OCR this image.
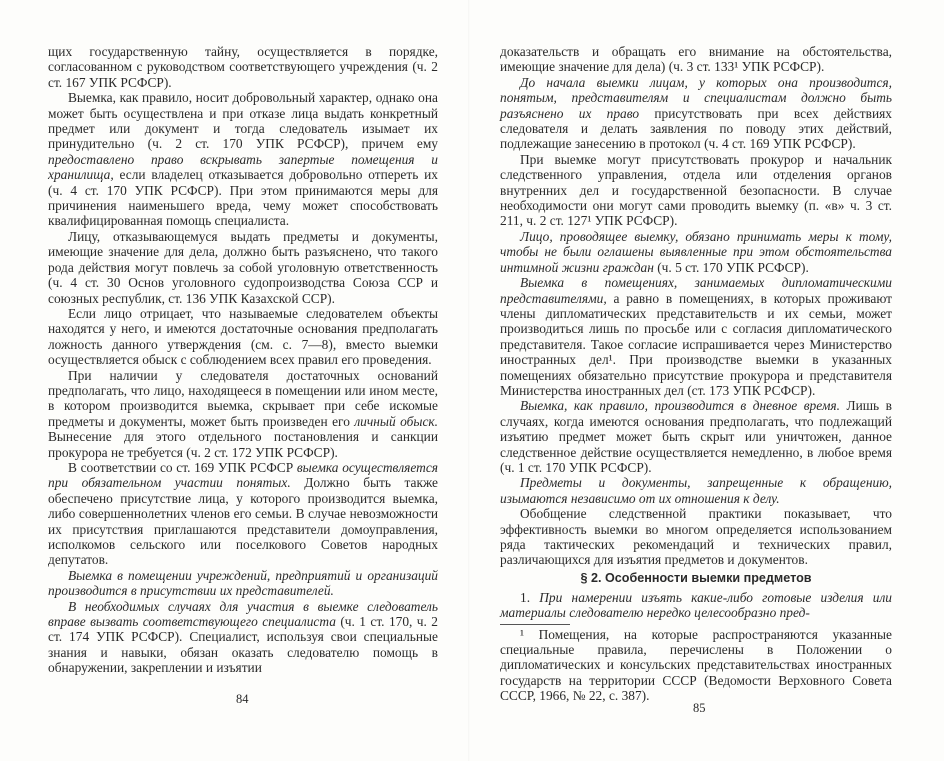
щих государственную тайну, осуществляется в порядке, согласованном с руководством соответствующего учреждения (ч. 2 ст. 167 УПК РСФСР).

Выемка, как правило, носит добровольный характер, однако она может быть осуществлена и при отказе лица выдать конкретный предмет или документ и тогда следователь изымает их принудительно (ч. 2 ст. 170 УПК РСФСР), причем ему предоставлено право вскрывать запертые помещения и хранилища, если владелец отказывается добровольно отпереть их (ч. 4 ст. 170 УПК РСФСР). При этом принимаются меры для причинения наименьшего вреда, чему может способствовать квалифицированная помощь специалиста.

Лицу, отказывающемуся выдать предметы и документы, имеющие значение для дела, должно быть разъяснено, что такого рода действия могут повлечь за собой уголовную ответственность (ч. 4 ст. 30 Основ уголовного судопроизводства Союза ССР и союзных республик, ст. 136 УПК Казахской ССР).

Если лицо отрицает, что называемые следователем объекты находятся у него, и имеются достаточные основания предполагать ложность данного утверждения (см. с. 7—8), вместо выемки осуществляется обыск с соблюдением всех правил его проведения.

При наличии у следователя достаточных оснований предполагать, что лицо, находящееся в помещении или ином месте, в котором производится выемка, скрывает при себе искомые предметы и документы, может быть произведен его личный обыск. Вынесение для этого отдельного постановления и санкции прокурора не требуется (ч. 2 ст. 172 УПК РСФСР).

В соответствии со ст. 169 УПК РСФСР выемка осуществляется при обязательном участии понятых. Должно быть также обеспечено присутствие лица, у которого производится выемка, либо совершеннолетних членов его семьи. В случае невозможности их присутствия приглашаются представители домоуправления, исполкомов сельского или поселкового Советов народных депутатов.

Выемка в помещении учреждений, предприятий и организаций производится в присутствии их представителей.

В необходимых случаях для участия в выемке следователь вправе вызвать соответствующего специалиста (ч. 1 ст. 170, ч. 2 ст. 174 УПК РСФСР). Специалист, используя свои специальные знания и навыки, обязан оказать следователю помощь в обнаружении, закреплении и изъятии

84

доказательств и обращать его внимание на обстоятельства, имеющие значение для дела) (ч. 3 ст. 133¹ УПК РСФСР).

До начала выемки лицам, у которых она производится, понятым, представителям и специалистам должно быть разъяснено их право присутствовать при всех действиях следователя и делать заявления по поводу этих действий, подлежащие занесению в протокол (ч. 4 ст. 169 УПК РСФСР).

При выемке могут присутствовать прокурор и начальник следственного управления, отдела или отделения органов внутренних дел и государственной безопасности. В случае необходимости они могут сами проводить выемку (п. «в» ч. 3 ст. 211, ч. 2 ст. 127¹ УПК РСФСР).

Лицо, проводящее выемку, обязано принимать меры к тому, чтобы не были оглашены выявленные при этом обстоятельства интимной жизни граждан (ч. 5 ст. 170 УПК РСФСР).

Выемка в помещениях, занимаемых дипломатическими представителями, а равно в помещениях, в которых проживают члены дипломатических представительств и их семьи, может производиться лишь по просьбе или с согласия дипломатического представителя. Такое согласие испрашивается через Министерство иностранных дел¹. При производстве выемки в указанных помещениях обязательно присутствие прокурора и представителя Министерства иностранных дел (ст. 173 УПК РСФСР).

Выемка, как правило, производится в дневное время. Лишь в случаях, когда имеются основания предполагать, что подлежащий изъятию предмет может быть скрыт или уничтожен, данное следственное действие осуществляется немедленно, в любое время (ч. 1 ст. 170 УПК РСФСР).

Предметы и документы, запрещенные к обращению, изымаются независимо от их отношения к делу.

Обобщение следственной практики показывает, что эффективность выемки во многом определяется использованием ряда тактических рекомендаций и технических правил, различающихся для изъятия предметов и документов.

§ 2. Особенности выемки предметов

1. При намерении изъять какие-либо готовые изделия или материалы следователю нередко целесообразно пред-

¹ Помещения, на которые распространяются указанные специальные правила, перечислены в Положении о дипломатических и консульских представительствах иностранных государств на территории СССР (Ведомости Верховного Совета СССР, 1966, № 22, с. 387).

85
